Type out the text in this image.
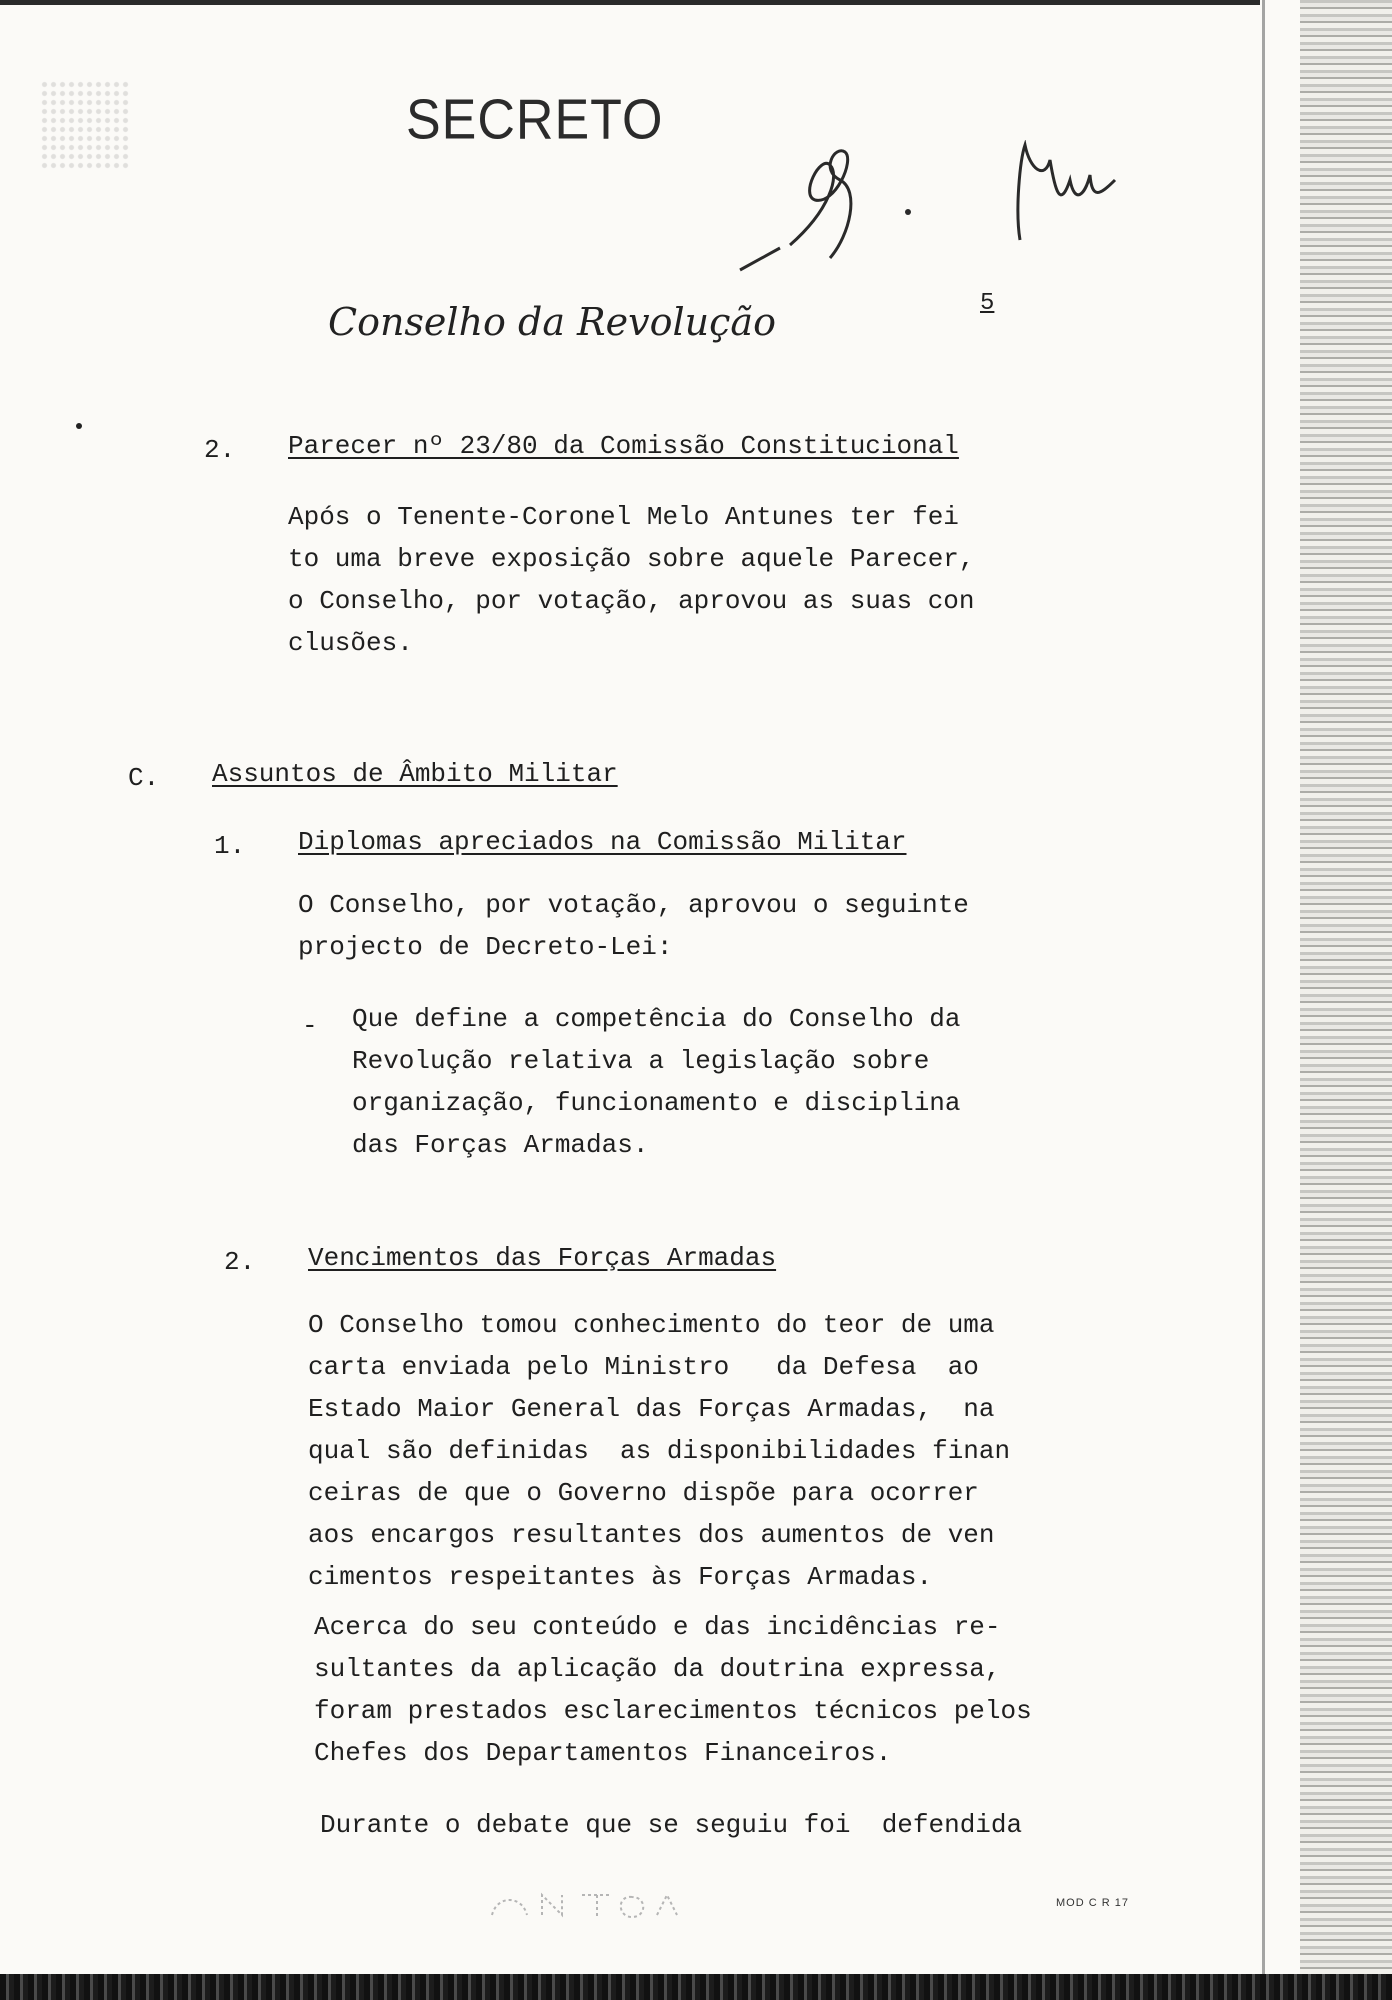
SECRETO
Conselho da Revolução	5
2. Parecer nº 23/80 da Comissão Constitucional
Após o Tenente-Coronel Melo Antunes ter fei
to uma breve exposição sobre aquele Parecer,
o Conselho, por votação, aprovou as suas con
clusões.
C. Assuntos de Âmbito Militar
1. Diplomas apreciados na Comissão Militar
O Conselho, por votação, aprovou o seguinte
projecto de Decreto-Lei:
- Que define a competência do Conselho da
Revolução relativa a legislação sobre
organização, funcionamento e disciplina
das Forças Armadas.
2. Vencimentos das Forças Armadas
O Conselho tomou conhecimento do teor de uma
carta enviada pelo Ministro   da Defesa  ao
Estado Maior General das Forças Armadas,  na
qual são definidas  as disponibilidades finan
ceiras de que o Governo dispõe para ocorrer
aos encargos resultantes dos aumentos de ven
cimentos respeitantes às Forças Armadas.
Acerca do seu conteúdo e das incidências re-
sultantes da aplicação da doutrina expressa,
foram prestados esclarecimentos técnicos pelos
Chefes dos Departamentos Financeiros.
Durante o debate que se seguiu foi  defendida
MOD C R 17
